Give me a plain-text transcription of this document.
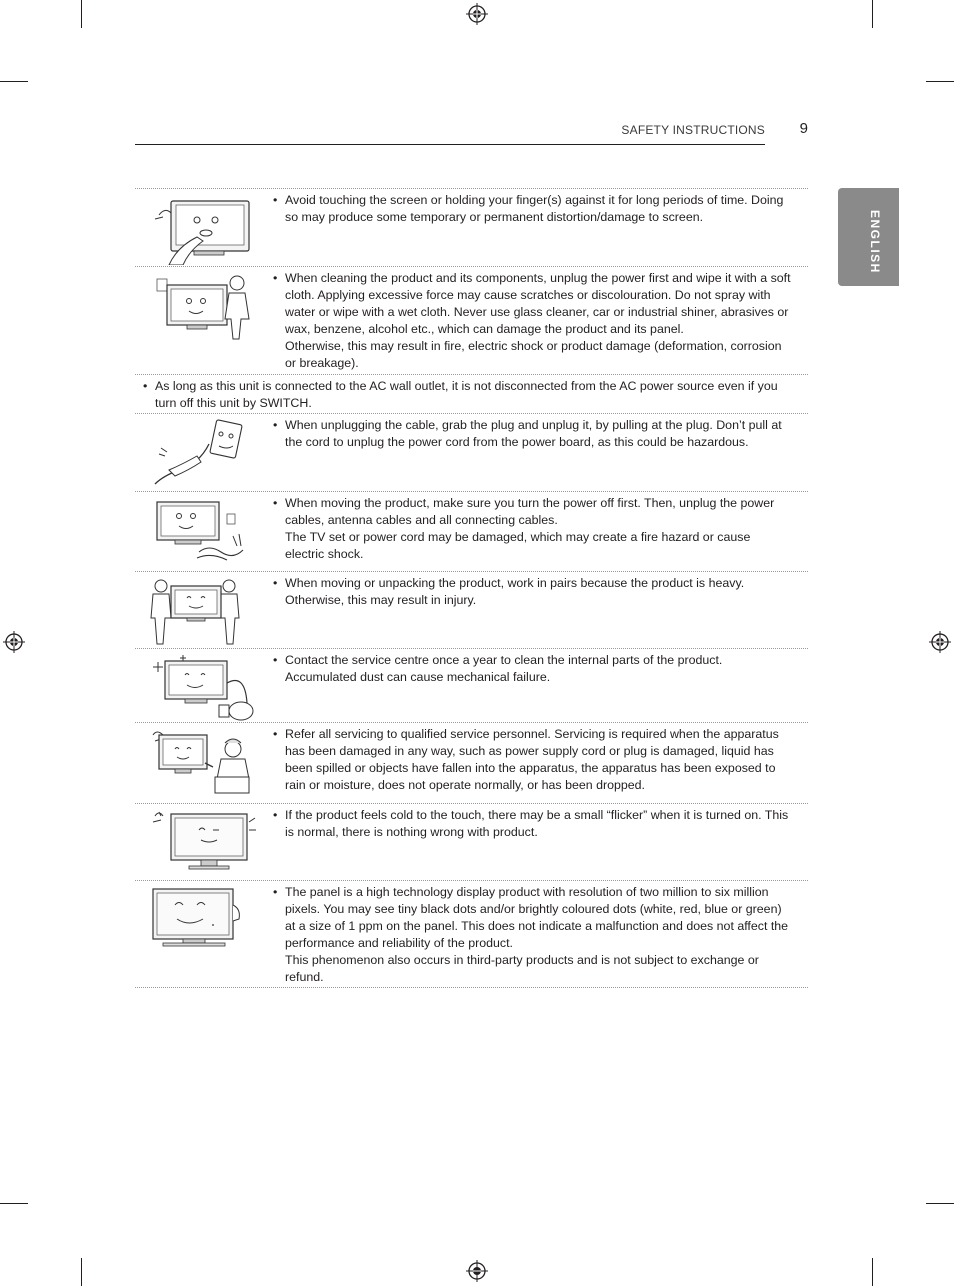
SAFETY INSTRUCTIONS 9
ENGLISH

• Avoid touching the screen or holding your finger(s) against it for long periods of time. Doing so may produce some temporary or permanent distortion/damage to screen.

• When cleaning the product and its components, unplug the power first and wipe it with a soft cloth. Applying excessive force may cause scratches or discolouration. Do not spray with water or wipe with a wet cloth. Never use glass cleaner, car or industrial shiner, abrasives or wax, benzene, alcohol etc., which can damage the product and its panel.

Otherwise, this may result in fire, electric shock or product damage (deformation, corrosion or breakage).

• As long as this unit is connected to the AC wall outlet, it is not disconnected from the AC power source even if you turn off this unit by SWITCH.

• When unplugging the cable, grab the plug and unplug it, by pulling at the plug. Don’t pull at the cord to unplug the power cord from the power board, as this could be hazardous.

• When moving the product, make sure you turn the power off first. Then, unplug the power cables, antenna cables and all connecting cables.

The TV set or power cord may be damaged, which may create a fire hazard or cause electric shock.

• When moving or unpacking the product, work in pairs because the product is heavy. Otherwise, this may result in injury.

• Contact the service centre once a year to clean the internal parts of the product. Accumulated dust can cause mechanical failure.

• Refer all servicing to qualified service personnel. Servicing is required when the apparatus has been damaged in any way, such as power supply cord or plug is damaged, liquid has been spilled or objects have fallen into the apparatus, the apparatus has been exposed to rain or moisture, does not operate normally, or has been dropped.

• If the product feels cold to the touch, there may be a small “flicker” when it is turned on. This is normal, there is nothing wrong with product.

• The panel is a high technology display product with resolution of two million to six million pixels. You may see tiny black dots and/or brightly coloured dots (white, red, blue or green) at a size of 1 ppm on the panel. This does not indicate a malfunction and does not affect the performance and reliability of the product.

This phenomenon also occurs in third-party products and is not subject to exchange or refund.
